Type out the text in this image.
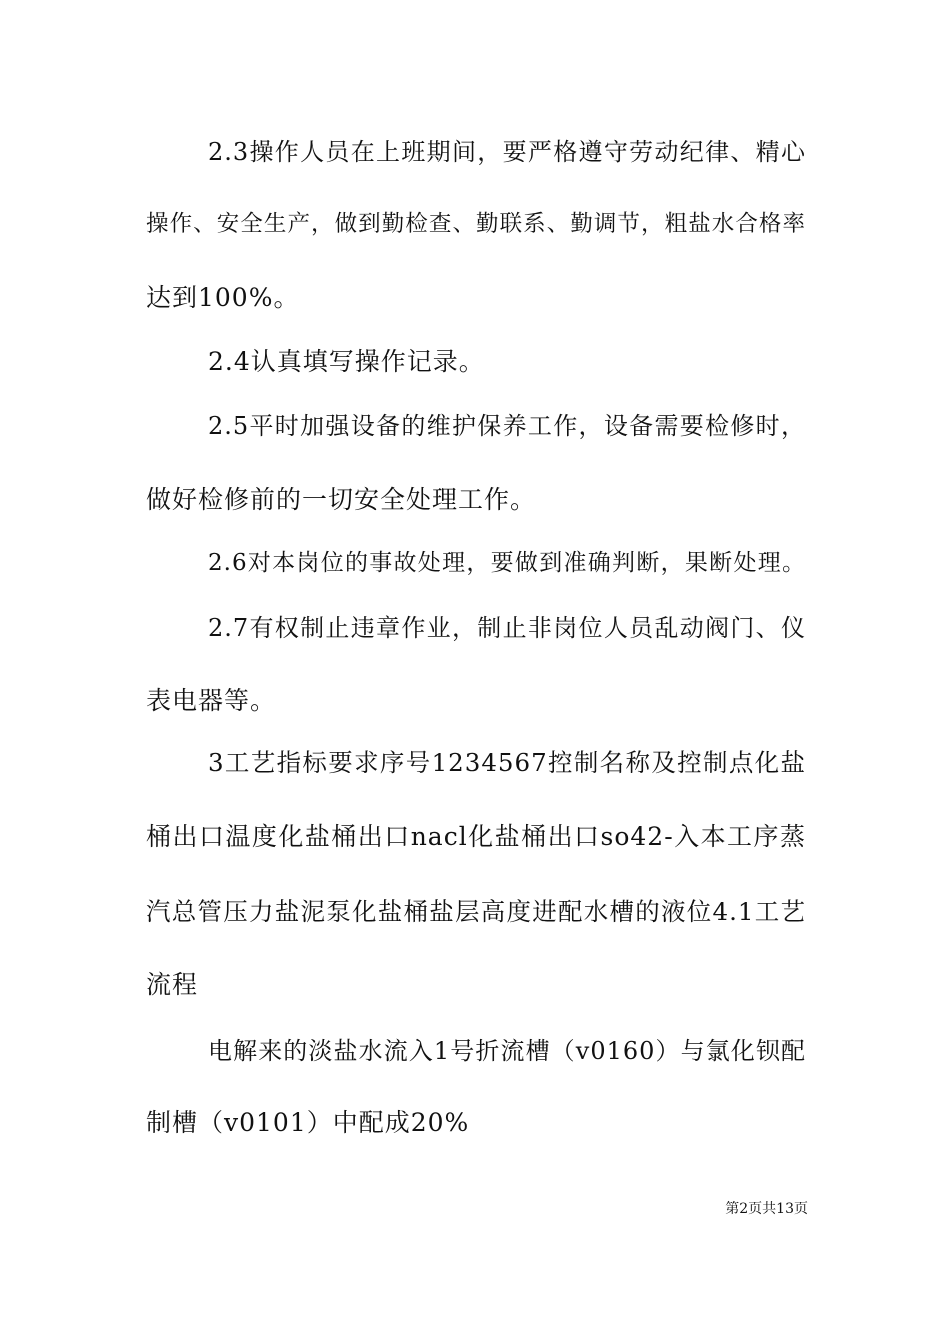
2.3操作人员在上班期间，要严格遵守劳动纪律、精心
操作、安全生产，做到勤检查、勤联系、勤调节，粗盐水合格率
达到100%。
2.4认真填写操作记录。
2.5平时加强设备的维护保养工作，设备需要检修时，
做好检修前的一切安全处理工作。
2.6对本岗位的事故处理，要做到准确判断，果断处理。
2.7有权制止违章作业，制止非岗位人员乱动阀门、仪
表电器等。
3工艺指标要求序号1234567控制名称及控制点化盐
桶出口温度化盐桶出口nacl化盐桶出口so42-入本工序蒸
汽总管压力盐泥泵化盐桶盐层高度进配水槽的液位4.1工艺
流程
电解来的淡盐水流入1号折流槽（v0160）与氯化钡配
制槽（v0101）中配成20%
第2页共13页
